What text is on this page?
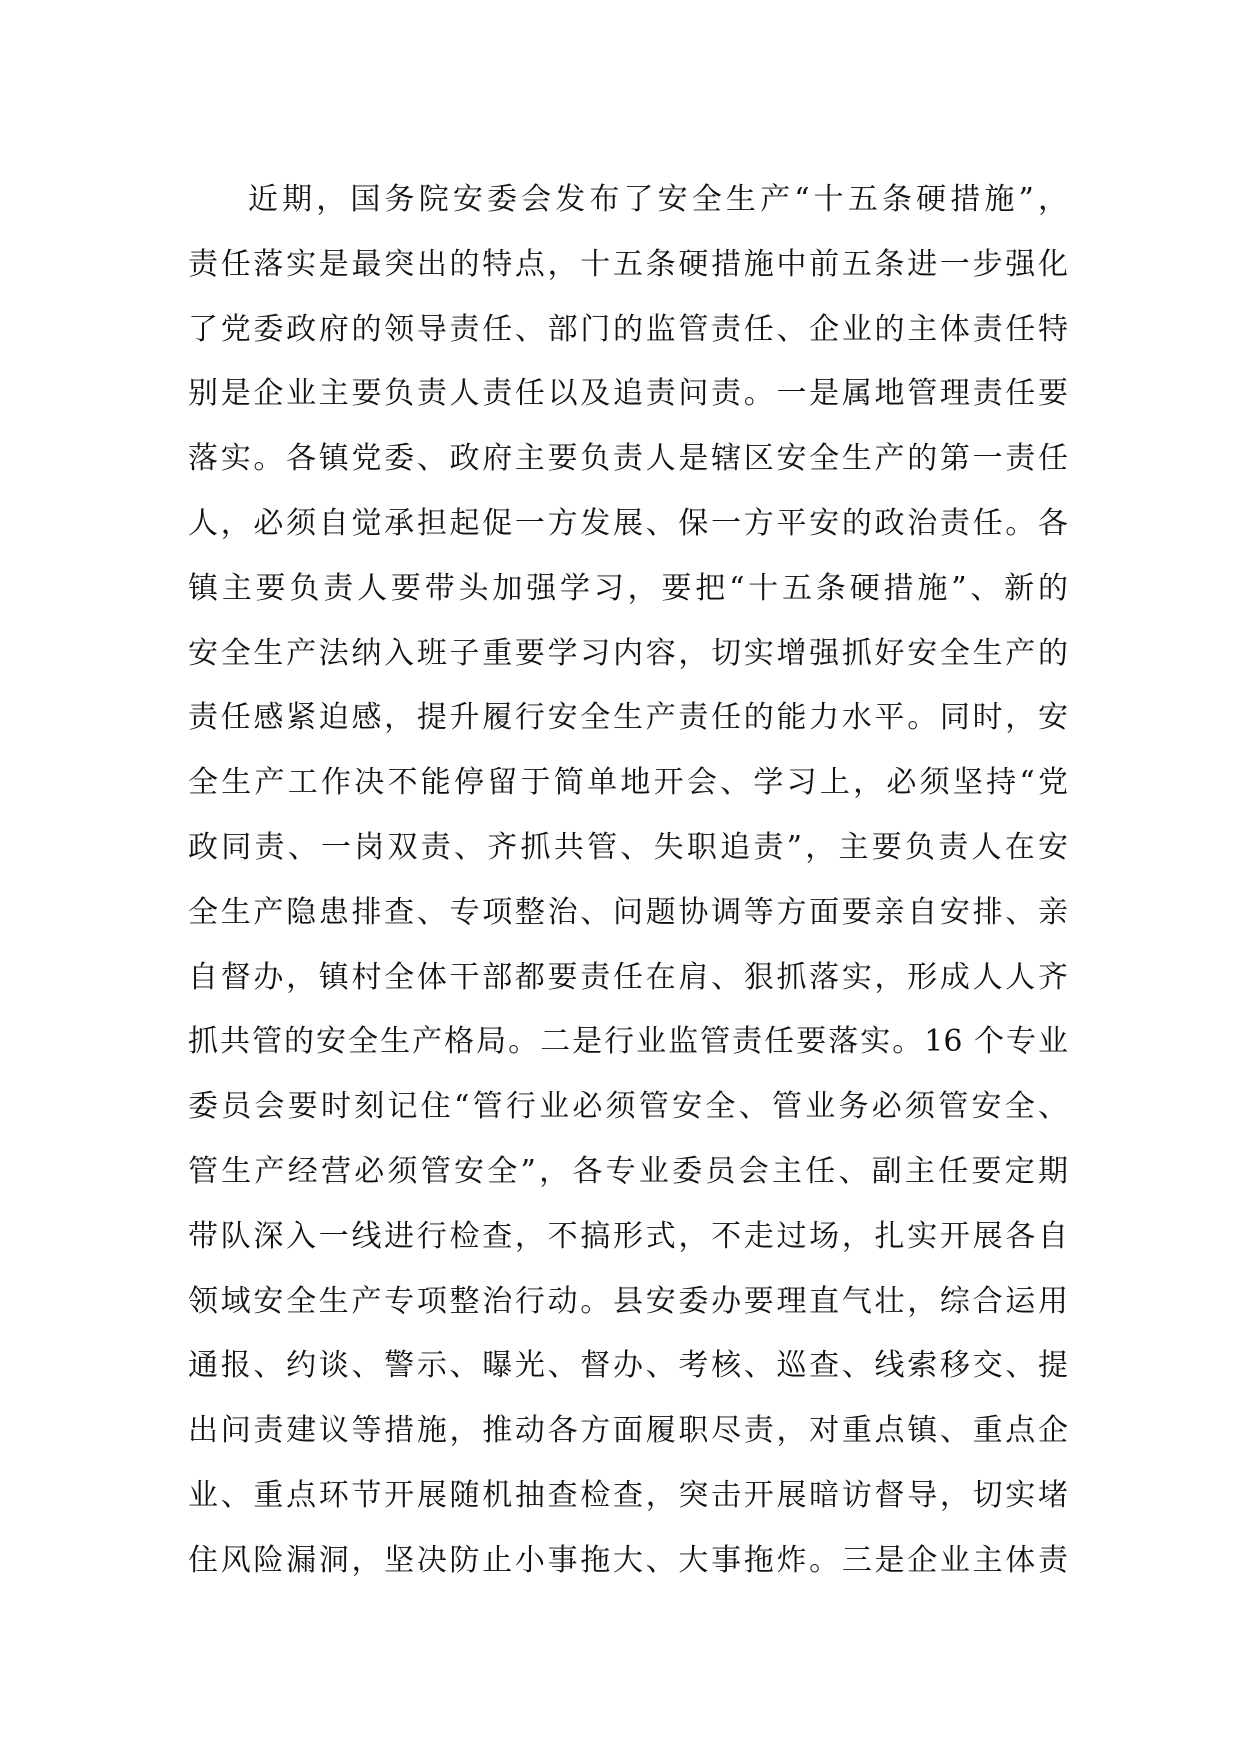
近期，国务院安委会发布了安全生产“十五条硬措施”，
责任落实是最突出的特点，十五条硬措施中前五条进一步强化
了党委政府的领导责任、部门的监管责任、企业的主体责任特
别是企业主要负责人责任以及追责问责。一是属地管理责任要
落实。各镇党委、政府主要负责人是辖区安全生产的第一责任
人，必须自觉承担起促一方发展、保一方平安的政治责任。各
镇主要负责人要带头加强学习，要把“十五条硬措施”、新的
安全生产法纳入班子重要学习内容，切实增强抓好安全生产的
责任感紧迫感，提升履行安全生产责任的能力水平。同时，安
全生产工作决不能停留于简单地开会、学习上，必须坚持“党
政同责、一岗双责、齐抓共管、失职追责”，主要负责人在安
全生产隐患排查、专项整治、问题协调等方面要亲自安排、亲
自督办，镇村全体干部都要责任在肩、狠抓落实，形成人人齐
抓共管的安全生产格局。二是行业监管责任要落实。16 个专业
委员会要时刻记住“管行业必须管安全、管业务必须管安全、
管生产经营必须管安全”，各专业委员会主任、副主任要定期
带队深入一线进行检查，不搞形式，不走过场，扎实开展各自
领域安全生产专项整治行动。县安委办要理直气壮，综合运用
通报、约谈、警示、曝光、督办、考核、巡查、线索移交、提
出问责建议等措施，推动各方面履职尽责，对重点镇、重点企
业、重点环节开展随机抽查检查，突击开展暗访督导，切实堵
住风险漏洞，坚决防止小事拖大、大事拖炸。三是企业主体责
